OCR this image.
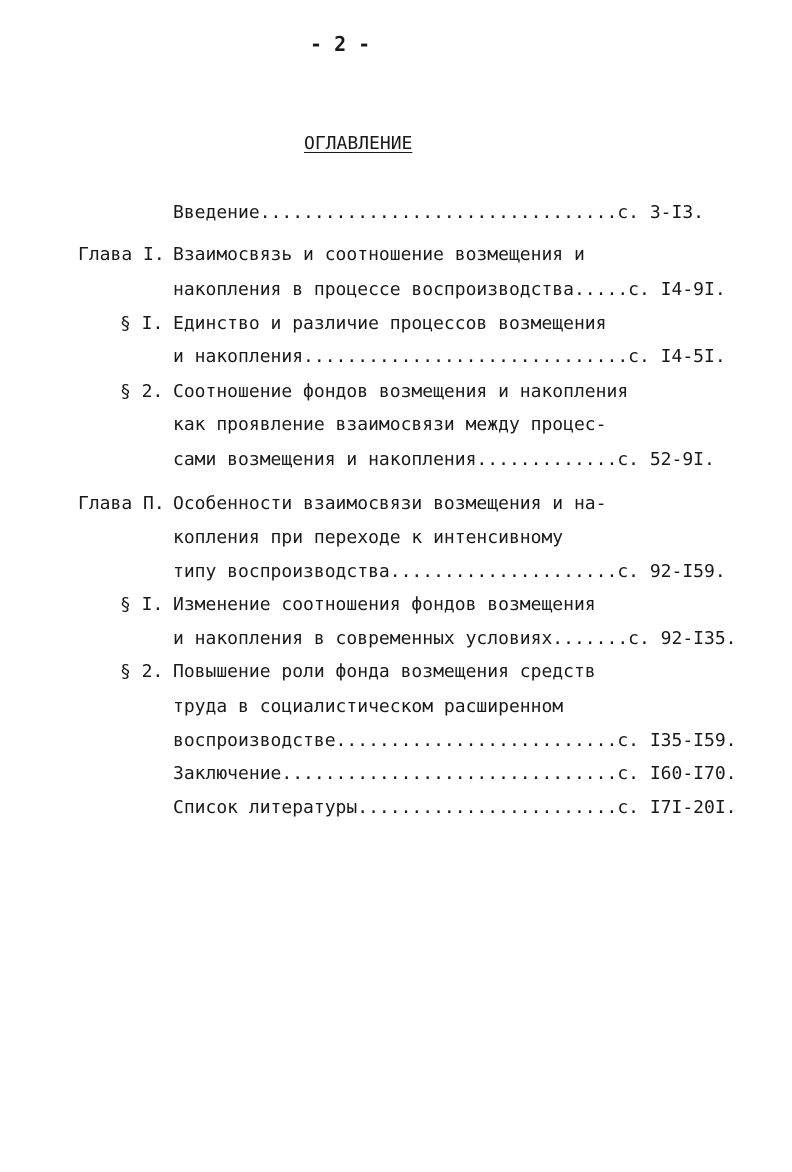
- 2 -
ОГЛАВЛЕНИЕ
Введение.................................с. 3-I3.
Глава I. Взаимосвязь и соотношение возмещения и
накопления в процессе воспроизводства.....с. I4-9I.
§ I. Единство и различие процессов возмещения
и накопления..............................с. I4-5I.
§ 2. Соотношение фондов возмещения и накопления
как проявление взаимосвязи между процес-
сами возмещения и накопления.............с. 52-9I.
Глава П. Особенности взаимосвязи возмещения и на-
копления при переходе к интенсивному
типу воспроизводства.....................с. 92-I59.
§ I. Изменение соотношения фондов возмещения
и накопления в современных условиях.......с. 92-I35.
§ 2. Повышение роли фонда возмещения средств
труда в социалистическом расширенном
воспроизводстве..........................с. I35-I59.
Заключение...............................с. I60-I70.
Список литературы........................с. I7I-20I.
